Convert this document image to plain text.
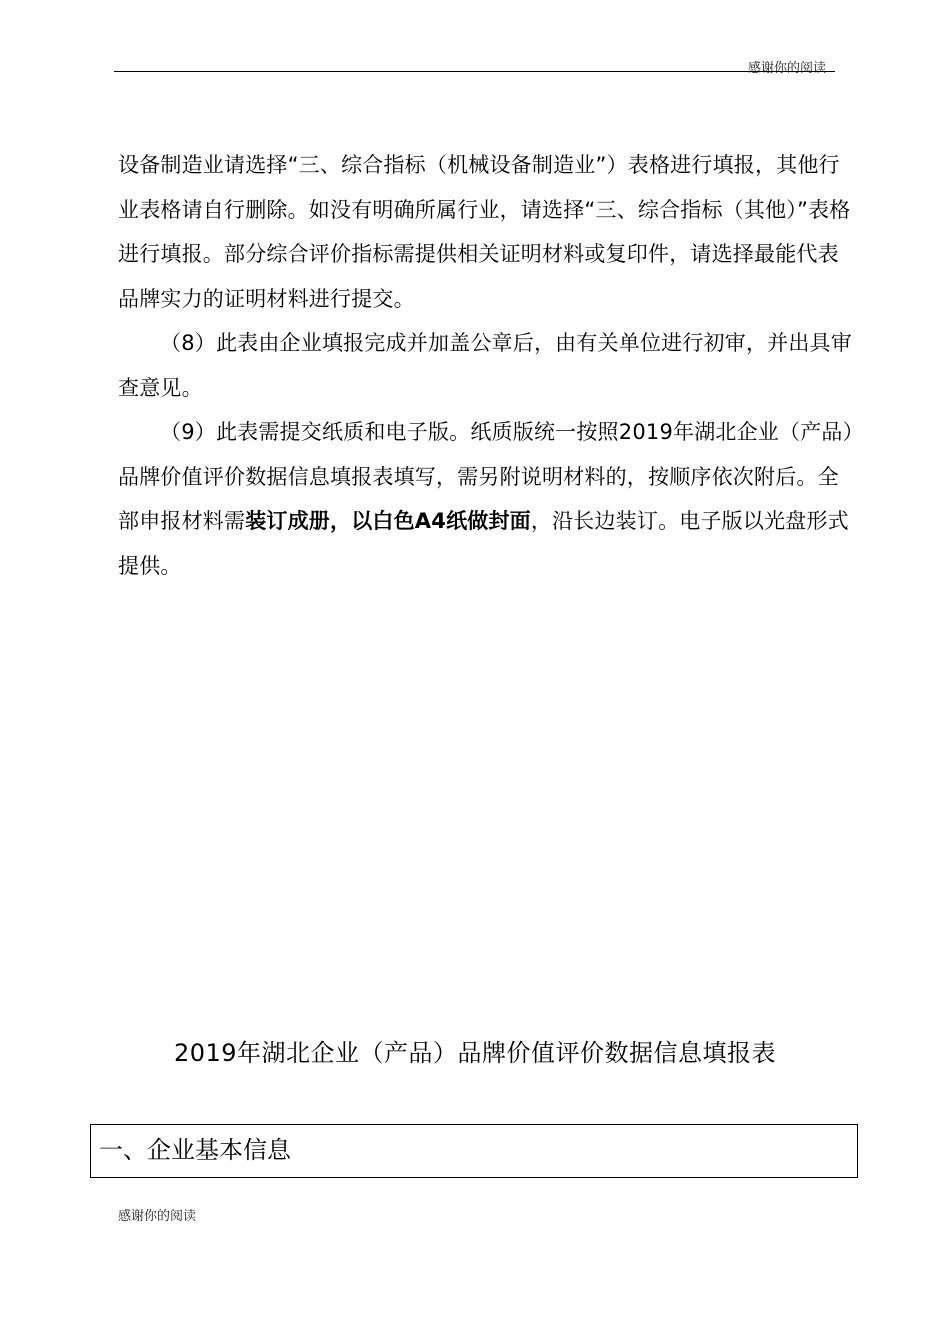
感谢你的阅读

设备制造业请选择“三、综合指标（机械设备制造业”）表格进行填报，其他行业表格请自行删除。如没有明确所属行业，请选择“三、综合指标（其他）”表格进行填报。部分综合评价指标需提供相关证明材料或复印件，请选择最能代表品牌实力的证明材料进行提交。

（8）此表由企业填报完成并加盖公章后，由有关单位进行初审，并出具审查意见。

（9）此表需提交纸质和电子版。纸质版统一按照2019年湖北企业（产品）品牌价值评价数据信息填报表填写，需另附说明材料的，按顺序依次附后。全部申报材料需装订成册，以白色A4纸做封面，沿长边装订。电子版以光盘形式提供。

2019年湖北企业（产品）品牌价值评价数据信息填报表
一、企业基本信息
感谢你的阅读
